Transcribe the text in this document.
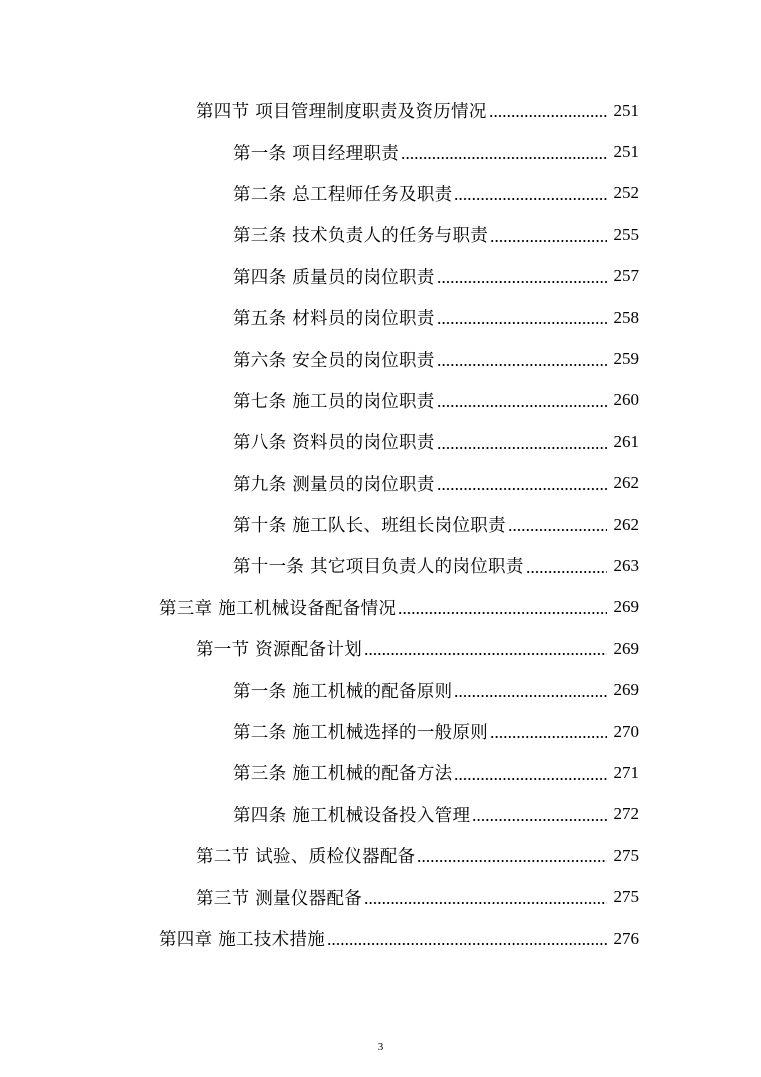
第四节 项目管理制度职责及资历情况	251
第一条 项目经理职责	251
第二条 总工程师任务及职责	252
第三条 技术负责人的任务与职责	255
第四条 质量员的岗位职责	257
第五条 材料员的岗位职责	258
第六条 安全员的岗位职责	259
第七条 施工员的岗位职责	260
第八条 资料员的岗位职责	261
第九条 测量员的岗位职责	262
第十条 施工队长、班组长岗位职责	262
第十一条 其它项目负责人的岗位职责	263
第三章 施工机械设备配备情况	269
第一节 资源配备计划	269
第一条 施工机械的配备原则	269
第二条 施工机械选择的一般原则	270
第三条 施工机械的配备方法	271
第四条 施工机械设备投入管理	272
第二节 试验、质检仪器配备	275
第三节 测量仪器配备	275
第四章 施工技术措施	276
3
